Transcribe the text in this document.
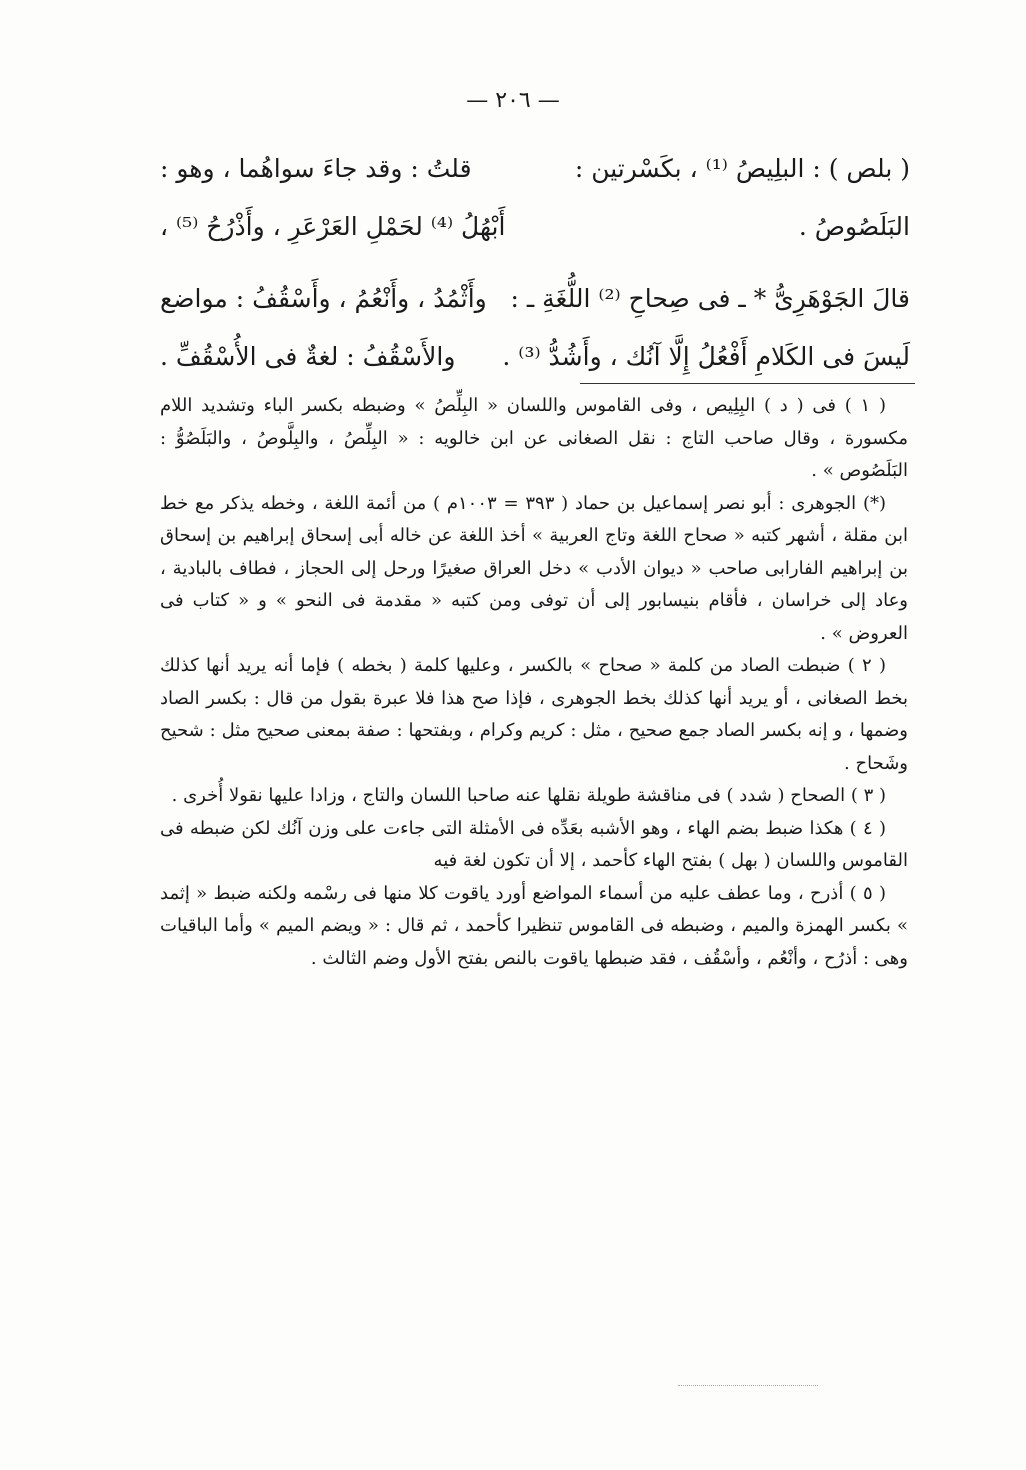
— ٢٠٦ —
( بلص ) : البلِيصُ ⁽¹⁾ ، بكَسْرتين :
قلتُ : وقد جاءَ سواهُما ، وهو :
البَلَصُوصُ .
أَبْهُلُ ⁽⁴⁾ لحَمْلِ العَرْعَرِ ، وأَذْرُحُ ⁽⁵⁾ ،
قالَ الجَوْهَرِىُّ * ـ فى صِحاحِ ⁽²⁾ اللُّغَةِ ـ :
وأَثْمُدُ ، وأَنْعُمُ ، وأَسْقُفُ : مواضع
لَيسَ فى الكَلامِ أَفْعُلُ إِلَّا آنُك ، وأَشُدُّ ⁽³⁾ .
والأَسْقُفُ : لغةٌ فى الأُسْقُفِّ .

( ١ ) فى ( د ) البِلِيص ، وفى القاموس واللسان « البِلِّصُ » وضبطه بكسر الباء وتشديد اللام مكسورة ، وقال صاحب التاج : نقل الصغانى عن ابن خالويه : « البِلِّصُ ، والبِلَّوصُ ، والبَلَصُوُّ : البَلَصُوص » .

(*) الجوهرى : أبو نصر إسماعيل بن حماد ( ٣٩٣ = ١٠٠٣م ) من أئمة اللغة ، وخطه يذكر مع خط ابن مقلة ، أشهر كتبه « صحاح اللغة وتاج العربية » أخذ اللغة عن خاله أبى إسحاق إبراهيم بن إسحاق بن إبراهيم الفارابى صاحب « ديوان الأدب » دخل العراق صغيرًا ورحل إلى الحجاز ، فطاف بالبادية ، وعاد إلى خراسان ، فأقام بنيسابور إلى أن توفى ومن كتبه « مقدمة فى النحو » و « كتاب فى العروض » .

( ٢ ) ضبطت الصاد من كلمة « صحاح » بالكسر ، وعليها كلمة ( بخطه ) فإما أنه يريد أنها كذلك بخط الصغانى ، أو يريد أنها كذلك بخط الجوهرى ، فإذا صح هذا فلا عبرة بقول من قال : بكسر الصاد وضمها ، و إنه بكسر الصاد جمع صحيح ، مثل : كريم وكرام ، وبفتحها : صفة بمعنى صحيح مثل : شحيح وشَحاح .

( ٣ ) الصحاح ( شدد ) فى مناقشة طويلة نقلها عنه صاحبا اللسان والتاج ، وزادا عليها نقولا أُخرى .

( ٤ ) هكذا ضبط بضم الهاء ، وهو الأشبه بعَدِّه فى الأمثلة التى جاءت على وزن آنُك لكن ضبطه فى القاموس واللسان ( بهل ) بفتح الهاء كأحمد ، إلا أن تكون لغة فيه

( ٥ ) أذرح ، وما عطف عليه من أسماء المواضع أورد ياقوت كلا منها فى رسْمه ولكنه ضبط « إثمد » بكسر الهمزة والميم ، وضبطه فى القاموس تنظيرا كأحمد ، ثم قال : « ويضم الميم » وأما الباقيات وهى : أذرُح ، وأنْعُم ، وأسْقُف ، فقد ضبطها ياقوت بالنص بفتح الأول وضم الثالث .
